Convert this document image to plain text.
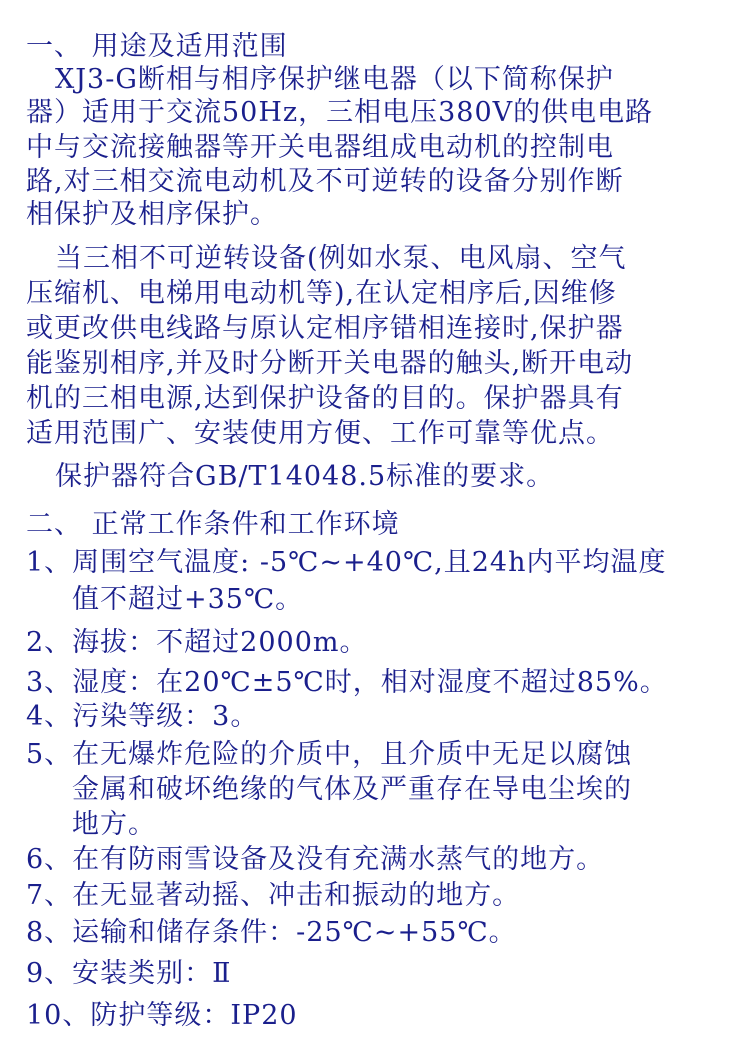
一、 用途及适用范围
XJ3-G断相与相序保护继电器（以下简称保护
器）适用于交流50Hz，三相电压380V的供电电路
中与交流接触器等开关电器组成电动机的控制电
路,对三相交流电动机及不可逆转的设备分别作断
相保护及相序保护。
当三相不可逆转设备(例如水泵、电风扇、空气
压缩机、电梯用电动机等),在认定相序后,因维修
或更改供电线路与原认定相序错相连接时,保护器
能鉴别相序,并及时分断开关电器的触头,断开电动
机的三相电源,达到保护设备的目的。保护器具有
适用范围广、安装使用方便、工作可靠等优点。
保护器符合GB/T14048.5标准的要求。
二、 正常工作条件和工作环境
1、周围空气温度: -5℃~+40℃,且24h内平均温度
值不超过+35℃。
2、海拔：不超过2000m。
3、湿度：在20℃±5℃时，相对湿度不超过85%。
4、污染等级：3。
5、在无爆炸危险的介质中，且介质中无足以腐蚀
金属和破坏绝缘的气体及严重存在导电尘埃的
地方。
6、在有防雨雪设备及没有充满水蒸气的地方。
7、在无显著动摇、冲击和振动的地方。
8、运输和储存条件：-25℃~+55℃。
9、安装类别：Ⅱ
10、防护等级：IP20
